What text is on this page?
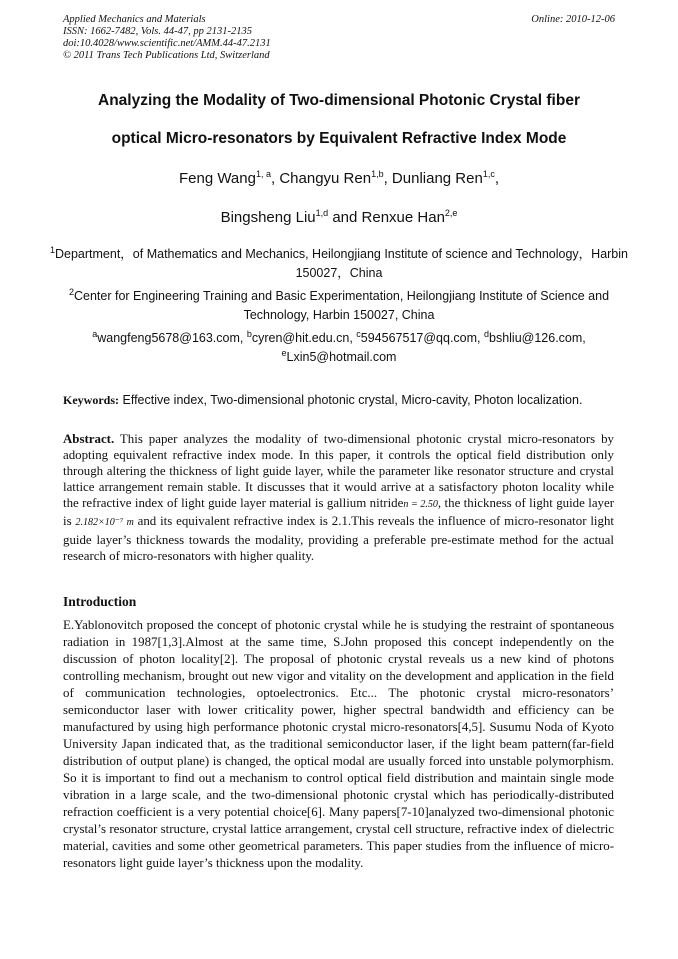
Applied Mechanics and Materials
ISSN: 1662-7482, Vols. 44-47, pp 2131-2135
doi:10.4028/www.scientific.net/AMM.44-47.2131
© 2011 Trans Tech Publications Ltd, Switzerland
Online: 2010-12-06
Analyzing the Modality of Two-dimensional Photonic Crystal fiber
optical Micro-resonators by Equivalent Refractive Index Mode
Feng Wang$^{1, a}$, Changyu Ren$^{1,b}$, Dunliang Ren$^{1,c}$,
Bingsheng Liu$^{1,d}$ and Renxue Han$^{2,e}$
$^1$Department，of Mathematics and Mechanics, Heilongjiang Institute of science and Technology，Harbin 150027，China
$^2$Center for Engineering Training and Basic Experimentation, Heilongjiang Institute of Science and Technology, Harbin 150027, China
$^a$wangfeng5678@163.com, $^b$cyren@hit.edu.cn, $^c$594567517@qq.com, $^d$bshliu@126.com,
$^e$Lxin5@hotmail.com
Keywords: Effective index, Two-dimensional photonic crystal, Micro-cavity, Photon localization.

Abstract. This paper analyzes the modality of two-dimensional photonic crystal micro-resonators by adopting equivalent refractive index mode. In this paper, it controls the optical field distribution only through altering the thickness of light guide layer, while the parameter like resonator structure and crystal lattice arrangement remain stable. It discusses that it would arrive at a satisfactory photon locality while the refractive index of light guide layer material is gallium nitriden = 2.50, the thickness of light guide layer is 2.182×10⁻⁷ m and its equivalent refractive index is 2.1.This reveals the influence of micro-resonator light guide layer’s thickness towards the modality, providing a preferable pre-estimate method for the actual research of micro-resonators with higher quality.

Introduction

E.Yablonovitch proposed the concept of photonic crystal while he is studying the restraint of spontaneous radiation in 1987[1,3].Almost at the same time, S.John proposed this concept independently on the discussion of photon locality[2]. The proposal of photonic crystal reveals us a new kind of photons controlling mechanism, brought out new vigor and vitality on the development and application in the field of communication technologies, optoelectronics. Etc... The photonic crystal micro-resonators’ semiconductor laser with lower criticality power, higher spectral bandwidth and efficiency can be manufactured by using high performance photonic crystal micro-resonators[4,5]. Susumu Noda of Kyoto University Japan indicated that, as the traditional semiconductor laser, if the light beam pattern(far-field distribution of output plane) is changed, the optical modal are usually forced into unstable polymorphism. So it is important to find out a mechanism to control optical field distribution and maintain single mode vibration in a large scale, and the two-dimensional photonic crystal which has periodically-distributed refraction coefficient is a very potential choice[6]. Many papers[7-10]analyzed two-dimensional photonic crystal’s resonator structure, crystal lattice arrangement, crystal cell structure, refractive index of dielectric material, cavities and some other geometrical parameters. This paper studies from the influence of micro-resonators light guide layer’s thickness upon the modality.
